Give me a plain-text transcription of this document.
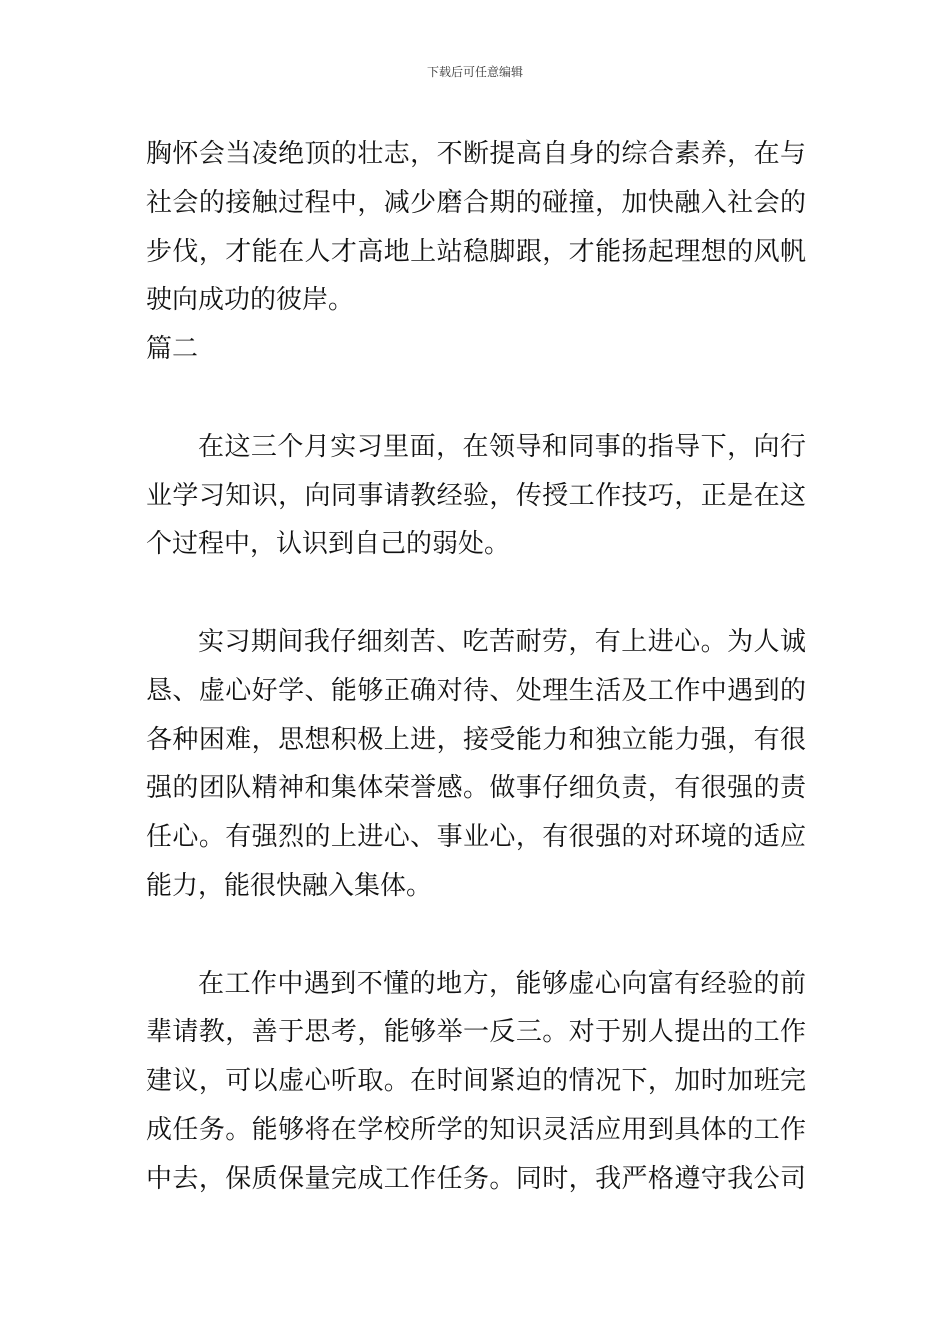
下载后可任意编辑
胸怀会当凌绝顶的壮志，不断提高自身的综合素养，在与
社会的接触过程中，减少磨合期的碰撞，加快融入社会的
步伐，才能在人才高地上站稳脚跟，才能扬起理想的风帆
驶向成功的彼岸。
篇二
在这三个月实习里面，在领导和同事的指导下，向行
业学习知识，向同事请教经验，传授工作技巧，正是在这
个过程中，认识到自己的弱处。
实习期间我仔细刻苦、吃苦耐劳，有上进心。为人诚
恳、虚心好学、能够正确对待、处理生活及工作中遇到的
各种困难，思想积极上进，接受能力和独立能力强，有很
强的团队精神和集体荣誉感。做事仔细负责，有很强的责
任心。有强烈的上进心、事业心，有很强的对环境的适应
能力，能很快融入集体。
在工作中遇到不懂的地方，能够虚心向富有经验的前
辈请教，善于思考，能够举一反三。对于别人提出的工作
建议，可以虚心听取。在时间紧迫的情况下，加时加班完
成任务。能够将在学校所学的知识灵活应用到具体的工作
中去，保质保量完成工作任务。同时，我严格遵守我公司
